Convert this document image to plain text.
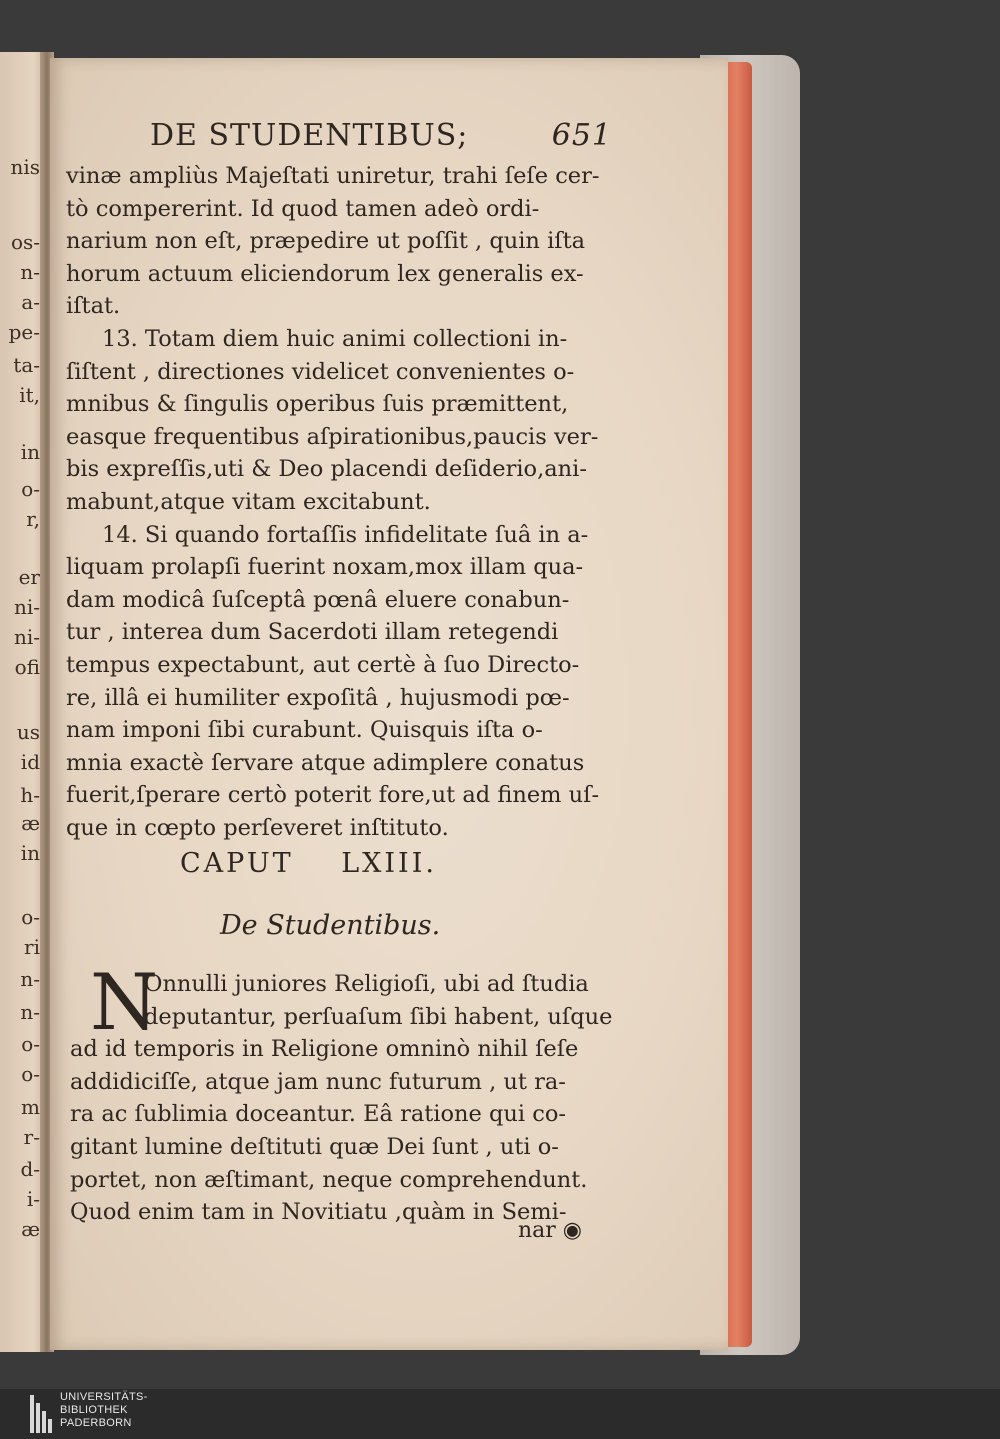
nis
os-
n-
a-
pe-
ta-
it,
in
o-
r,
er
ni-
ni-
ofi
us
id
h-
æ
in
o-
ri
n-
n-
o-
o-
m
r-
d-
i-
æ
DE STUDENTIBUS;	651
vinæ ampliùs Majeſtati uniretur, trahi ſeſe cer-
tò compererint. Id quod tamen adeò ordi-
narium non eſt, præpedire ut poſſit , quin iſta
horum actuum eliciendorum lex generalis ex-
iſtat.
13. Totam diem huic animi collectioni in-
ſiſtent , directiones videlicet convenientes o-
mnibus & ſingulis operibus ſuis præmittent,
easque frequentibus aſpirationibus,paucis ver-
bis expreſſis,uti & Deo placendi deſiderio,ani-
mabunt,atque vitam excitabunt.
14. Si quando fortaſſis infidelitate ſuâ in a-
liquam prolapſi fuerint noxam,mox illam qua-
dam modicâ ſuſceptâ pœnâ eluere conabun-
tur , interea dum Sacerdoti illam retegendi
tempus expectabunt, aut certè à ſuo Directo-
re, illâ ei humiliter expoſitâ , hujusmodi pœ-
nam imponi ſibi curabunt. Quisquis iſta o-
mnia exactè ſervare atque adimplere conatus
fuerit,ſperare certò poterit fore,ut ad finem uſ-
que in cœpto perſeveret inſtituto.
CAPUT LXIII.
De Studentibus.
N
Onnulli juniores Religioſi, ubi ad ſtudia
deputantur, perſuaſum ſibi habent, uſque
ad id temporis in Religione omninò nihil ſeſe
addidiciſſe, atque jam nunc futurum , ut ra-
ra ac ſublimia doceantur. Eâ ratione qui co-
gitant lumine deſtituti quæ Dei ſunt , uti o-
portet, non æſtimant, neque comprehendunt.
Quod enim tam in Novitiatu ,quàm in Semi-
nar ◉
UNIVERSITÄTS-
BIBLIOTHEK
PADERBORN
